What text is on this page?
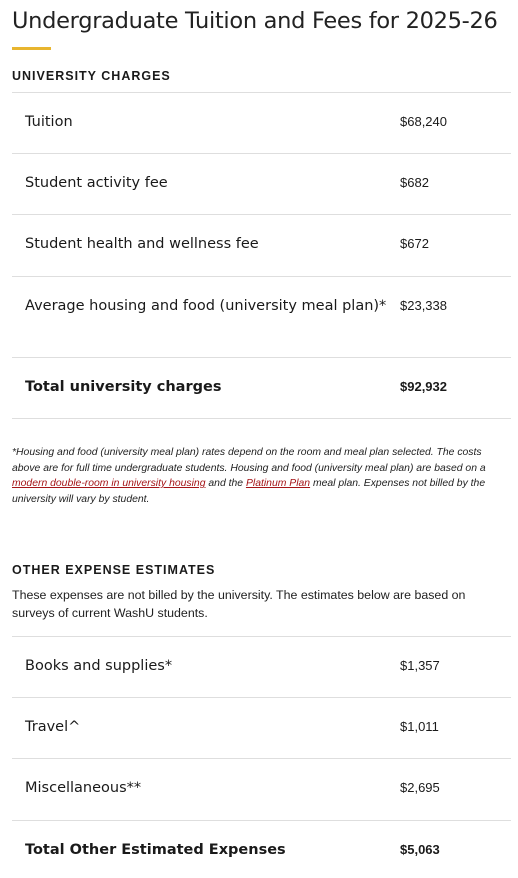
Undergraduate Tuition and Fees for 2025-26
UNIVERSITY CHARGES
Tuition	$68,240

Student activity fee	$682

Student health and wellness fee	$672

Average housing and food (university meal plan)*	$23,338

Total university charges	$92,932

*Housing and food (university meal plan) rates depend on the room and meal plan selected. The costs above are for full time undergraduate students. Housing and food (university meal plan) are based on a modern double-room in university housing and the Platinum Plan meal plan. Expenses not billed by the university will vary by student.

OTHER EXPENSE ESTIMATES

These expenses are not billed by the university. The estimates below are based on surveys of current WashU students.

Books and supplies*	$1,357

Travel^	$1,011

Miscellaneous**	$2,695

Total Other Estimated Expenses	$5,063
